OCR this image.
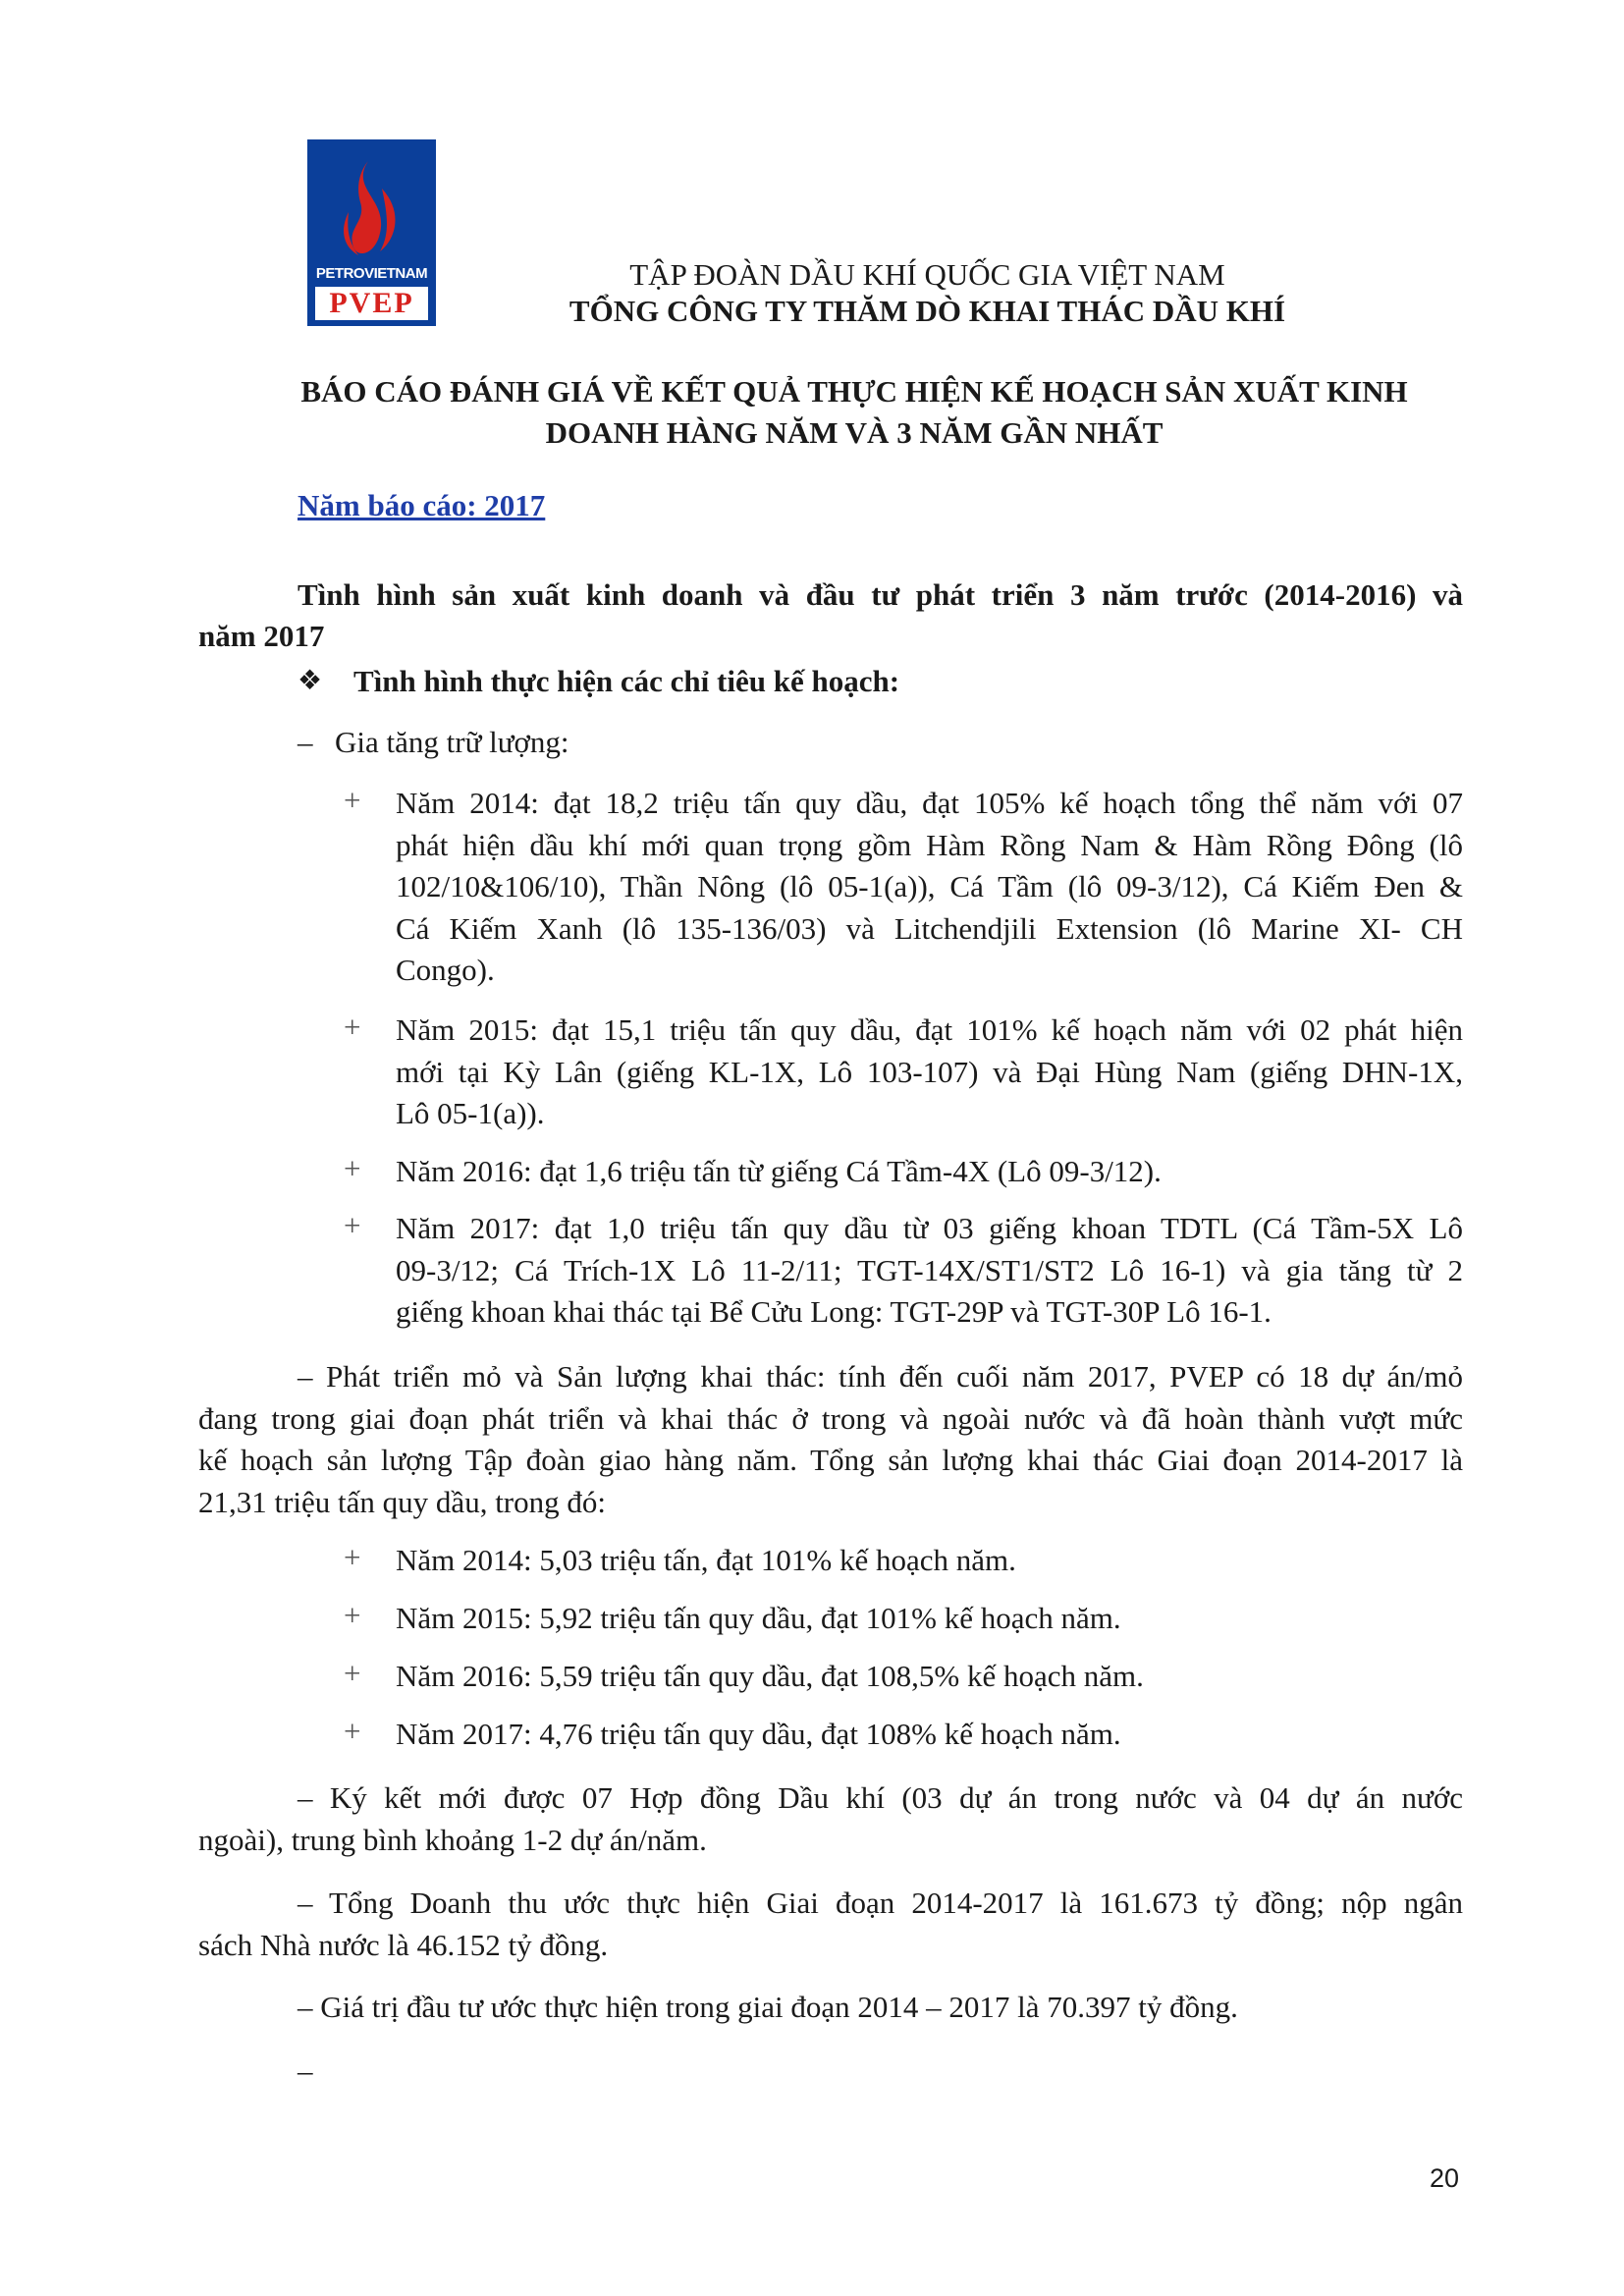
PETROVIETNAM
PVEP
TẬP ĐOÀN DẦU KHÍ QUỐC GIA VIỆT NAM
TỔNG CÔNG TY THĂM DÒ KHAI THÁC DẦU KHÍ
BÁO CÁO ĐÁNH GIÁ VỀ KẾT QUẢ THỰC HIỆN KẾ HOẠCH SẢN XUẤT KINH
DOANH HÀNG NĂM VÀ 3 NĂM GẦN NHẤT
Năm báo cáo: 2017
Tình hình sản xuất kinh doanh và đầu tư phát triển 3 năm trước (2014-2016) và
năm 2017
❖ Tình hình thực hiện các chỉ tiêu kế hoạch:
– Gia tăng trữ lượng:
+ Năm 2014: đạt 18,2 triệu tấn quy dầu, đạt 105% kế hoạch tổng thể năm với 07
phát hiện dầu khí mới quan trọng gồm Hàm Rồng Nam & Hàm Rồng Đông (lô
102/10&106/10), Thần Nông (lô 05-1(a)), Cá Tầm (lô 09-3/12), Cá Kiếm Đen &
Cá Kiếm Xanh (lô 135-136/03) và Litchendjili Extension (lô Marine XI- CH
Congo).
+ Năm 2015: đạt 15,1 triệu tấn quy dầu, đạt 101% kế hoạch năm với 02 phát hiện
mới tại Kỳ Lân (giếng KL-1X, Lô 103-107) và Đại Hùng Nam (giếng DHN-1X,
Lô 05-1(a)).
+ Năm 2016: đạt 1,6 triệu tấn từ giếng Cá Tầm-4X (Lô 09-3/12).
+ Năm 2017: đạt 1,0 triệu tấn quy dầu từ 03 giếng khoan TDTL (Cá Tầm-5X Lô
09-3/12; Cá Trích-1X Lô 11-2/11; TGT-14X/ST1/ST2 Lô 16-1) và gia tăng từ 2
giếng khoan khai thác tại Bể Cửu Long: TGT-29P và TGT-30P Lô 16-1.
– Phát triển mỏ và Sản lượng khai thác: tính đến cuối năm 2017, PVEP có 18 dự án/mỏ
đang trong giai đoạn phát triển và khai thác ở trong và ngoài nước và đã hoàn thành vượt mức
kế hoạch sản lượng Tập đoàn giao hàng năm. Tổng sản lượng khai thác Giai đoạn 2014-2017 là
21,31 triệu tấn quy dầu, trong đó:
+ Năm 2014: 5,03 triệu tấn, đạt 101% kế hoạch năm.
+ Năm 2015: 5,92 triệu tấn quy dầu, đạt 101% kế hoạch năm.
+ Năm 2016: 5,59 triệu tấn quy dầu, đạt 108,5% kế hoạch năm.
+ Năm 2017: 4,76 triệu tấn quy dầu, đạt 108% kế hoạch năm.
– Ký kết mới được 07 Hợp đồng Dầu khí (03 dự án trong nước và 04 dự án nước
ngoài), trung bình khoảng 1-2 dự án/năm.
– Tổng Doanh thu ước thực hiện Giai đoạn 2014-2017 là 161.673 tỷ đồng; nộp ngân
sách Nhà nước là 46.152 tỷ đồng.
– Giá trị đầu tư ước thực hiện trong giai đoạn 2014 – 2017 là 70.397 tỷ đồng.
–
20
